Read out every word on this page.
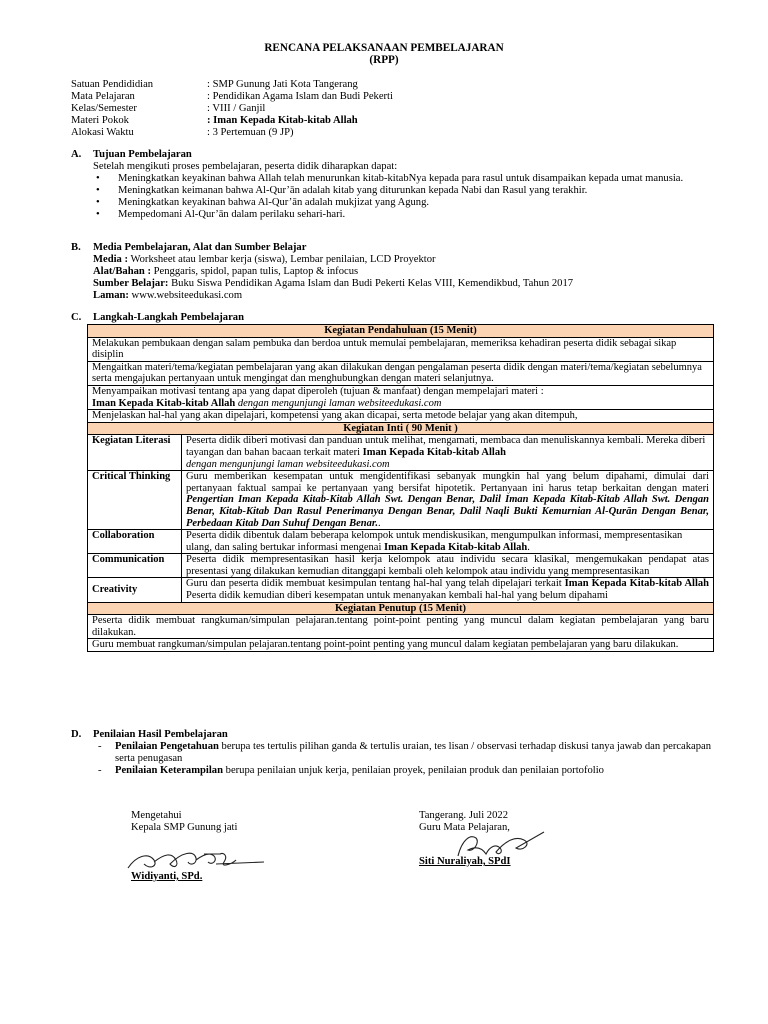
RENCANA PELAKSANAAN PEMBELAJARAN
(RPP)
Satuan Pendididian	: SMP Gunung Jati Kota Tangerang
Mata Pelajaran	: Pendidikan Agama Islam dan Budi Pekerti
Kelas/Semester	: VIII / Ganjil
Materi Pokok	: Iman Kepada Kitab-kitab Allah
Alokasi Waktu	: 3 Pertemuan (9 JP)
A. Tujuan Pembelajaran
Setelah mengikuti proses pembelajaran, peserta didik diharapkan dapat:
• Meningkatkan keyakinan bahwa Allah telah menurunkan kitab-kitabNya kepada para rasul untuk disampaikan kepada umat manusia.
• Meningkatkan keimanan bahwa Al-Qur’ān adalah kitab yang diturunkan kepada Nabi dan Rasul yang terakhir.
• Meningkatkan keyakinan bahwa Al-Qur’ān adalah mukjizat yang Agung.
• Mempedomani Al-Qur’ān dalam perilaku sehari-hari.
B. Media Pembelajaran, Alat dan Sumber Belajar
Media : Worksheet atau lembar kerja (siswa), Lembar penilaian, LCD Proyektor
Alat/Bahan : Penggaris, spidol, papan tulis, Laptop & infocus
Sumber Belajar: Buku Siswa Pendidikan Agama Islam dan Budi Pekerti Kelas VIII, Kemendikbud, Tahun 2017
Laman: www.websiteedukasi.com
C. Langkah-Langkah Pembelajaran
Kegiatan Pendahuluan (15 Menit)	
Melakukan pembukaan dengan salam pembuka dan berdoa untuk memulai pembelajaran, memeriksa kehadiran peserta didik sebagai sikap disiplin	
Mengaitkan materi/tema/kegiatan pembelajaran yang akan dilakukan dengan pengalaman peserta didik dengan materi/tema/kegiatan sebelumnya serta mengajukan pertanyaan untuk mengingat dan menghubungkan dengan materi selanjutnya.	
Menyampaikan motivasi tentang apa yang dapat diperoleh (tujuan & manfaat) dengan mempelajari materi :
Iman Kepada Kitab-kitab Allah dengan mengunjungi laman websiteedukasi.com	
Menjelaskan hal-hal yang akan dipelajari, kompetensi yang akan dicapai, serta metode belajar yang akan ditempuh,	
Kegiatan Inti ( 90 Menit )	
Kegiatan Literasi	Peserta didik diberi motivasi dan panduan untuk melihat, mengamati, membaca dan menuliskannya kembali. Mereka diberi tayangan dan bahan bacaan terkait materi Iman Kepada Kitab-kitab Allah
dengan mengunjungi laman websiteedukasi.com
Critical Thinking	Guru memberikan kesempatan untuk mengidentifikasi sebanyak mungkin hal yang belum dipahami, dimulai dari pertanyaan faktual sampai ke pertanyaan yang bersifat hipotetik. Pertanyaan ini harus tetap berkaitan dengan materi Pengertian Iman Kepada Kitab-Kitab Allah Swt. Dengan Benar, Dalil Iman Kepada Kitab-Kitab Allah Swt. Dengan Benar, Kitab-Kitab Dan Rasul Penerimanya Dengan Benar, Dalil Naqli Bukti Kemurnian Al-Qurān Dengan Benar, Perbedaan Kitab Dan Suhuf Dengan Benar..
Collaboration	Peserta didik dibentuk dalam beberapa kelompok untuk mendiskusikan, mengumpulkan informasi, mempresentasikan ulang, dan saling bertukar informasi mengenai Iman Kepada Kitab-kitab Allah.
Communication	Peserta didik mempresentasikan hasil kerja kelompok atau individu secara klasikal, mengemukakan pendapat atas presentasi yang dilakukan kemudian ditanggapi kembali oleh kelompok atau individu yang mempresentasikan
Creativity	Guru dan peserta didik membuat kesimpulan tentang hal-hal yang telah dipelajari terkait Iman Kepada Kitab-kitab Allah Peserta didik kemudian diberi kesempatan untuk menanyakan kembali hal-hal yang belum dipahami
Kegiatan Penutup (15 Menit)	
Peserta didik membuat rangkuman/simpulan pelajaran.tentang point-point penting yang muncul dalam kegiatan pembelajaran yang baru dilakukan.	
Guru membuat rangkuman/simpulan pelajaran.tentang point-point penting yang muncul dalam kegiatan pembelajaran yang baru dilakukan.	
D. Penilaian Hasil Pembelajaran
- Penilaian Pengetahuan berupa tes tertulis pilihan ganda & tertulis uraian, tes lisan / observasi terhadap diskusi tanya jawab dan percakapan serta penugasan
- Penilaian Keterampilan berupa penilaian unjuk kerja, penilaian proyek, penilaian produk dan penilaian portofolio
Mengetahui
Kepala SMP Gunung jati
Widiyanti, SPd.
Tangerang. Juli 2022
Guru Mata Pelajaran,
Siti Nuraliyah, SPdI
